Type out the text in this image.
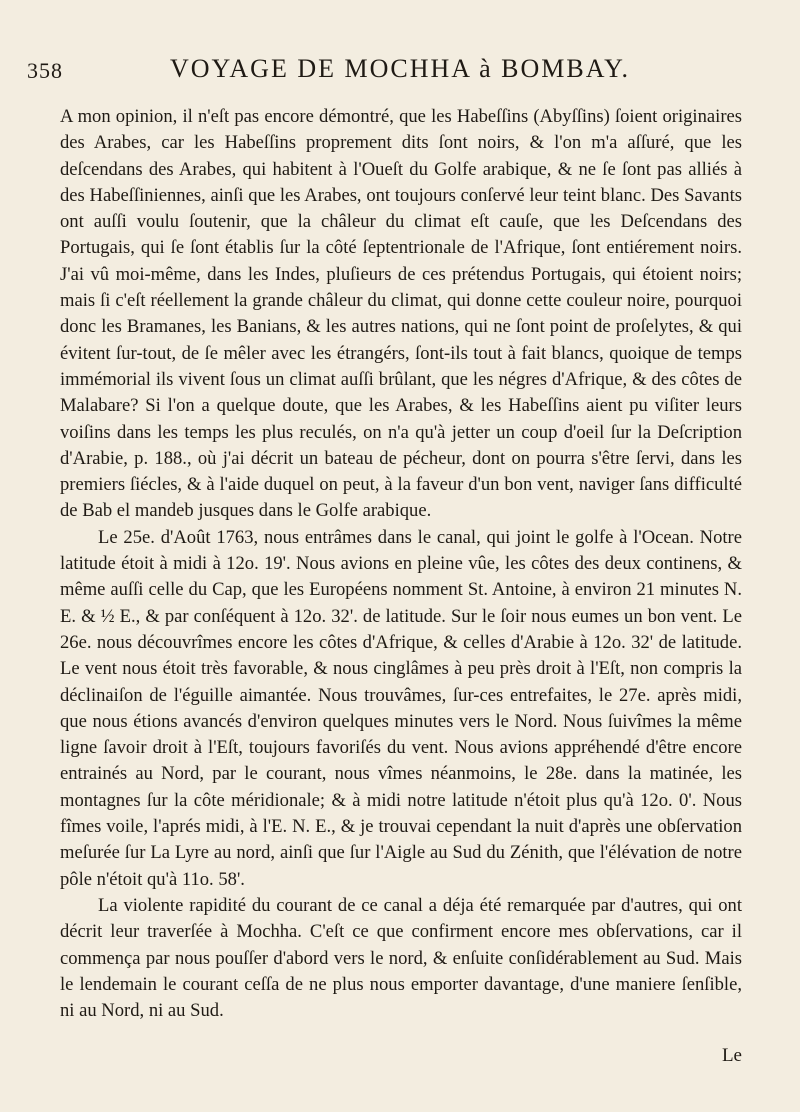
358	VOYAGE DE MOCHHA à BOMBAY.

A mon opinion, il n'eſt pas encore démontré, que les Habeſſins (Abyſſins) ſoient originaires des Arabes, car les Habeſſins proprement dits ſont noirs, & l'on m'a aſſuré, que les deſcendans des Arabes, qui habitent à l'Oueſt du Golfe arabique, & ne ſe ſont pas alliés à des Habeſſiniennes, ainſi que les Arabes, ont toujours conſervé leur teint blanc. Des Savants ont auſſi voulu ſoutenir, que la châleur du climat eſt cauſe, que les Deſcendans des Portugais, qui ſe ſont établis ſur la côté ſeptentrionale de l'Afrique, ſont entiérement noirs. J'ai vû moi-même, dans les Indes, pluſieurs de ces prétendus Portugais, qui étoient noirs; mais ſi c'eſt réellement la grande châleur du climat, qui donne cette couleur noire, pourquoi donc les Bramanes, les Banians, & les autres nations, qui ne ſont point de proſelytes, & qui évitent ſur-tout, de ſe mêler avec les étrangérs, ſont-ils tout à fait blancs, quoique de temps immémorial ils vivent ſous un climat auſſi brûlant, que les négres d'Afrique, & des côtes de Malabare? Si l'on a quelque doute, que les Arabes, & les Habeſſins aient pu viſiter leurs voiſins dans les temps les plus reculés, on n'a qu'à jetter un coup d'oeil ſur la Deſcription d'Arabie, p. 188., où j'ai décrit un bateau de pécheur, dont on pourra s'être ſervi, dans les premiers ſiécles, & à l'aide duquel on peut, à la faveur d'un bon vent, naviger ſans difficulté de Bab el mandeb jusques dans le Golfe arabique.

Le 25e. d'Août 1763, nous entrâmes dans le canal, qui joint le golfe à l'Ocean. Notre latitude étoit à midi à 12o. 19'. Nous avions en pleine vûe, les côtes des deux continens, & même auſſi celle du Cap, que les Européens nomment St. Antoine, à environ 21 minutes N. E. & ½ E., & par conſéquent à 12o. 32'. de latitude. Sur le ſoir nous eumes un bon vent. Le 26e. nous découvrîmes encore les côtes d'Afrique, & celles d'Arabie à 12o. 32' de latitude. Le vent nous étoit très favorable, & nous cinglâmes à peu près droit à l'Eſt, non compris la déclinaiſon de l'éguille aimantée. Nous trouvâmes, ſur-ces entrefaites, le 27e. après midi, que nous étions avancés d'environ quelques minutes vers le Nord. Nous ſuivîmes la même ligne ſavoir droit à l'Eſt, toujours favoriſés du vent. Nous avions appréhendé d'être encore entrainés au Nord, par le courant, nous vîmes néanmoins, le 28e. dans la matinée, les montagnes ſur la côte méridionale; & à midi notre latitude n'étoit plus qu'à 12o. 0'. Nous fîmes voile, l'aprés midi, à l'E. N. E., & je trouvai cependant la nuit d'après une obſervation meſurée ſur La Lyre au nord, ainſi que ſur l'Aigle au Sud du Zénith, que l'élévation de notre pôle n'étoit qu'à 11o. 58'.

La violente rapidité du courant de ce canal a déja été remarquée par d'autres, qui ont décrit leur traverſée à Mochha. C'eſt ce que confirment encore mes obſervations, car il commença par nous pouſſer d'abord vers le nord, & enſuite conſidérablement au Sud. Mais le lendemain le courant ceſſa de ne plus nous emporter davantage, d'une maniere ſenſible, ni au Nord, ni au Sud.

Le
